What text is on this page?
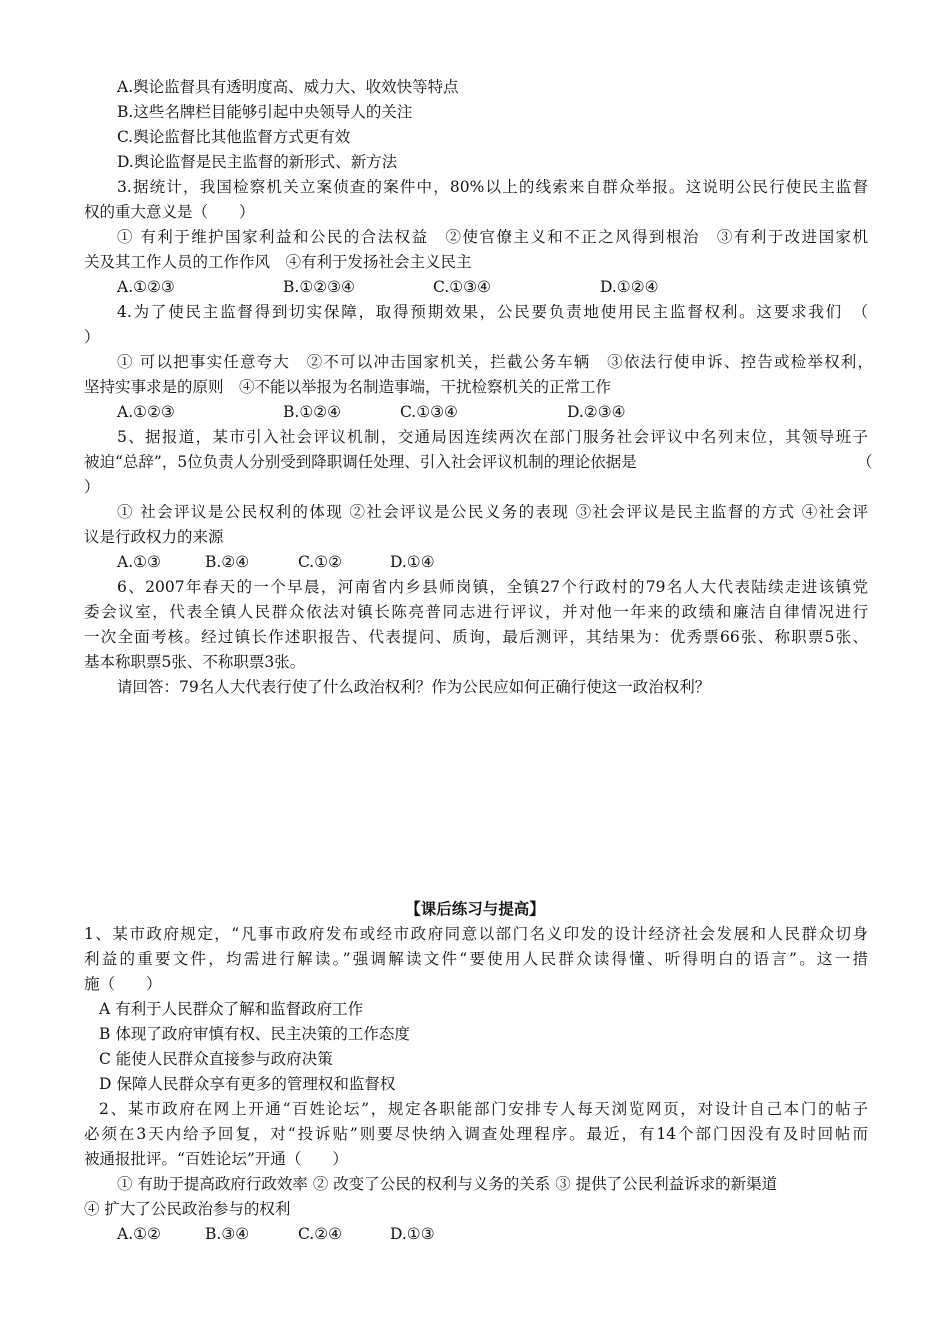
A.舆论监督具有透明度高、威力大、收效快等特点
B.这些名牌栏目能够引起中央领导人的关注
C.舆论监督比其他监督方式更有效
D.舆论监督是民主监督的新形式、新方法
3.据统计，我国检察机关立案侦查的案件中，80%以上的线索来自群众举报。这说明公民行使民主监督
权的重大意义是（　　）
① 有利于维护国家利益和公民的合法权益　②使官僚主义和不正之风得到根治　③有利于改进国家机
关及其工作人员的工作作风　④有利于发扬社会主义民主
A.①②③	B.①②③④	C.①③④	D.①②④
4.为了使民主监督得到切实保障，取得预期效果，公民要负责地使用民主监督权利。这要求我们　（
）
① 可以把事实任意夸大　②不可以冲击国家机关，拦截公务车辆　③依法行使申诉、控告或检举权利，
坚持实事求是的原则　④不能以举报为名制造事端，干扰检察机关的正常工作
A.①②③	B.①②④	C.①③④	D.②③④
5、据报道，某市引入社会评议机制，交通局因连续两次在部门服务社会评议中名列末位，其领导班子
被迫“总辞”，5位负责人分别受到降职调任处理、引入社会评议机制的理论依据是	（
）
① 社会评议是公民权利的体现 ②社会评议是公民义务的表现 ③社会评议是民主监督的方式 ④社会评
议是行政权力的来源
A.①③	B.②④	C.①②	D.①④
6、2007年春天的一个早晨，河南省内乡县师岗镇，全镇27个行政村的79名人大代表陆续走进该镇党
委会议室，代表全镇人民群众依法对镇长陈亮普同志进行评议，并对他一年来的政绩和廉洁自律情况进行
一次全面考核。经过镇长作述职报告、代表提问、质询，最后测评，其结果为：优秀票66张、称职票5张、
基本称职票5张、不称职票3张。
请回答：79名人大代表行使了什么政治权利？作为公民应如何正确行使这一政治权利？
【课后练习与提高】
1、某市政府规定，“凡事市政府发布或经市政府同意以部门名义印发的设计经济社会发展和人民群众切身
利益的重要文件，均需进行解读。”强调解读文件“要使用人民群众读得懂、听得明白的语言”。这一措
施（　　）
A 有利于人民群众了解和监督政府工作
B 体现了政府审慎有权、民主决策的工作态度
C 能使人民群众直接参与政府决策
D 保障人民群众享有更多的管理权和监督权
2、某市政府在网上开通“百姓论坛”，规定各职能部门安排专人每天浏览网页，对设计自己本门的帖子
必须在3天内给予回复，对“投诉贴”则要尽快纳入调查处理程序。最近，有14个部门因没有及时回帖而
被通报批评。“百姓论坛”开通（　　）
① 有助于提高政府行政效率 ② 改变了公民的权利与义务的关系 ③ 提供了公民利益诉求的新渠道
④ 扩大了公民政治参与的权利
A.①②	B.③④	C.②④	D.①③
